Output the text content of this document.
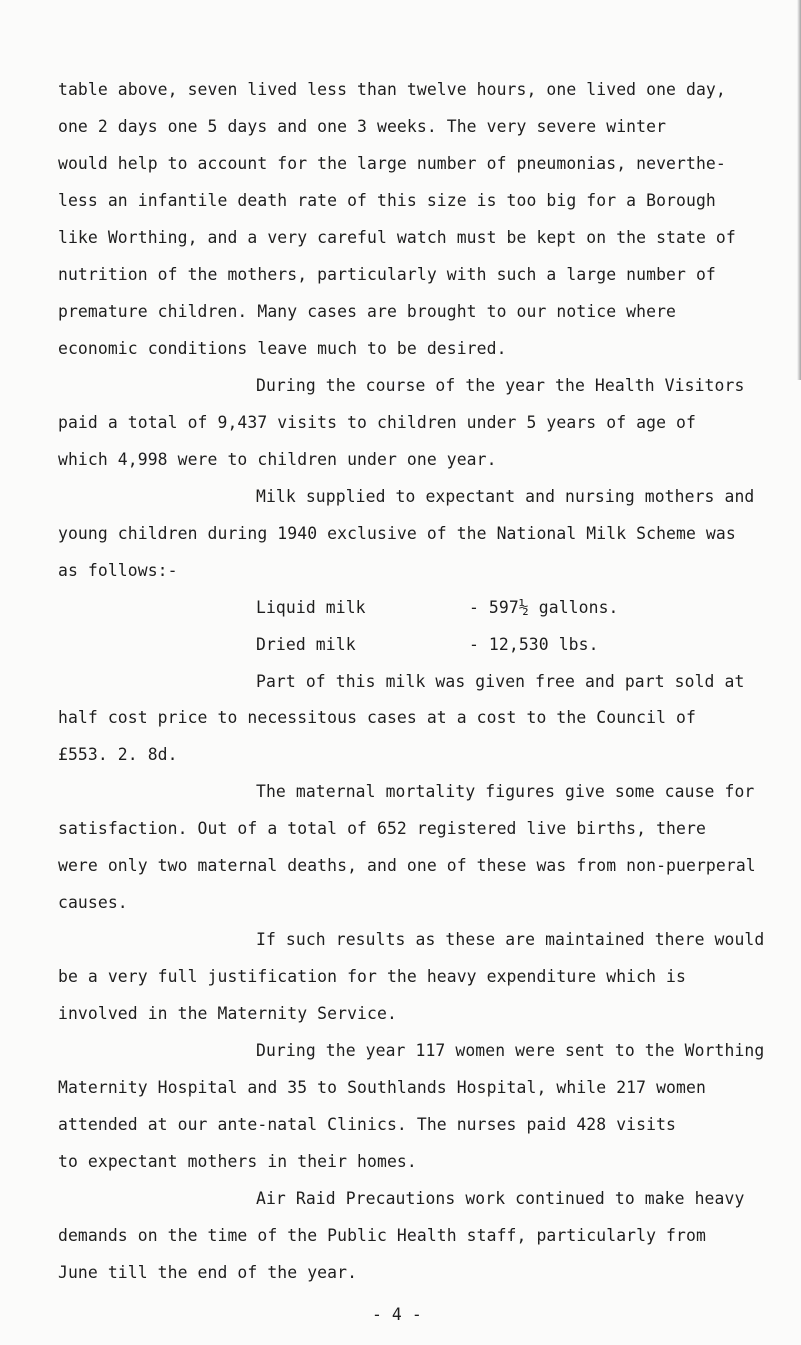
table above, seven lived less than twelve hours, one lived one day,
one 2 days one 5 days and one 3 weeks. The very severe winter
would help to account for the large number of pneumonias, neverthe-
less an infantile death rate of this size is too big for a Borough
like Worthing, and a very careful watch must be kept on the state of
nutrition of the mothers, particularly with such a large number of
premature children. Many cases are brought to our notice where
economic conditions leave much to be desired.
During the course of the year the Health Visitors
paid a total of 9,437 visits to children under 5 years of age of
which 4,998 were to children under one year.
Milk supplied to expectant and nursing mothers and
young children during 1940 exclusive of the National Milk Scheme was
as follows:-
Liquid milk	- 597½ gallons.
Dried milk	- 12,530 lbs.
Part of this milk was given free and part sold at
half cost price to necessitous cases at a cost to the Council of
£553. 2. 8d.
The maternal mortality figures give some cause for
satisfaction. Out of a total of 652 registered live births, there
were only two maternal deaths, and one of these was from non-puerperal
causes.
If such results as these are maintained there would
be a very full justification for the heavy expenditure which is
involved in the Maternity Service.
During the year 117 women were sent to the Worthing
Maternity Hospital and 35 to Southlands Hospital, while 217 women
attended at our ante-natal Clinics. The nurses paid 428 visits
to expectant mothers in their homes.
Air Raid Precautions work continued to make heavy
demands on the time of the Public Health staff, particularly from
June till the end of the year.
- 4 -
